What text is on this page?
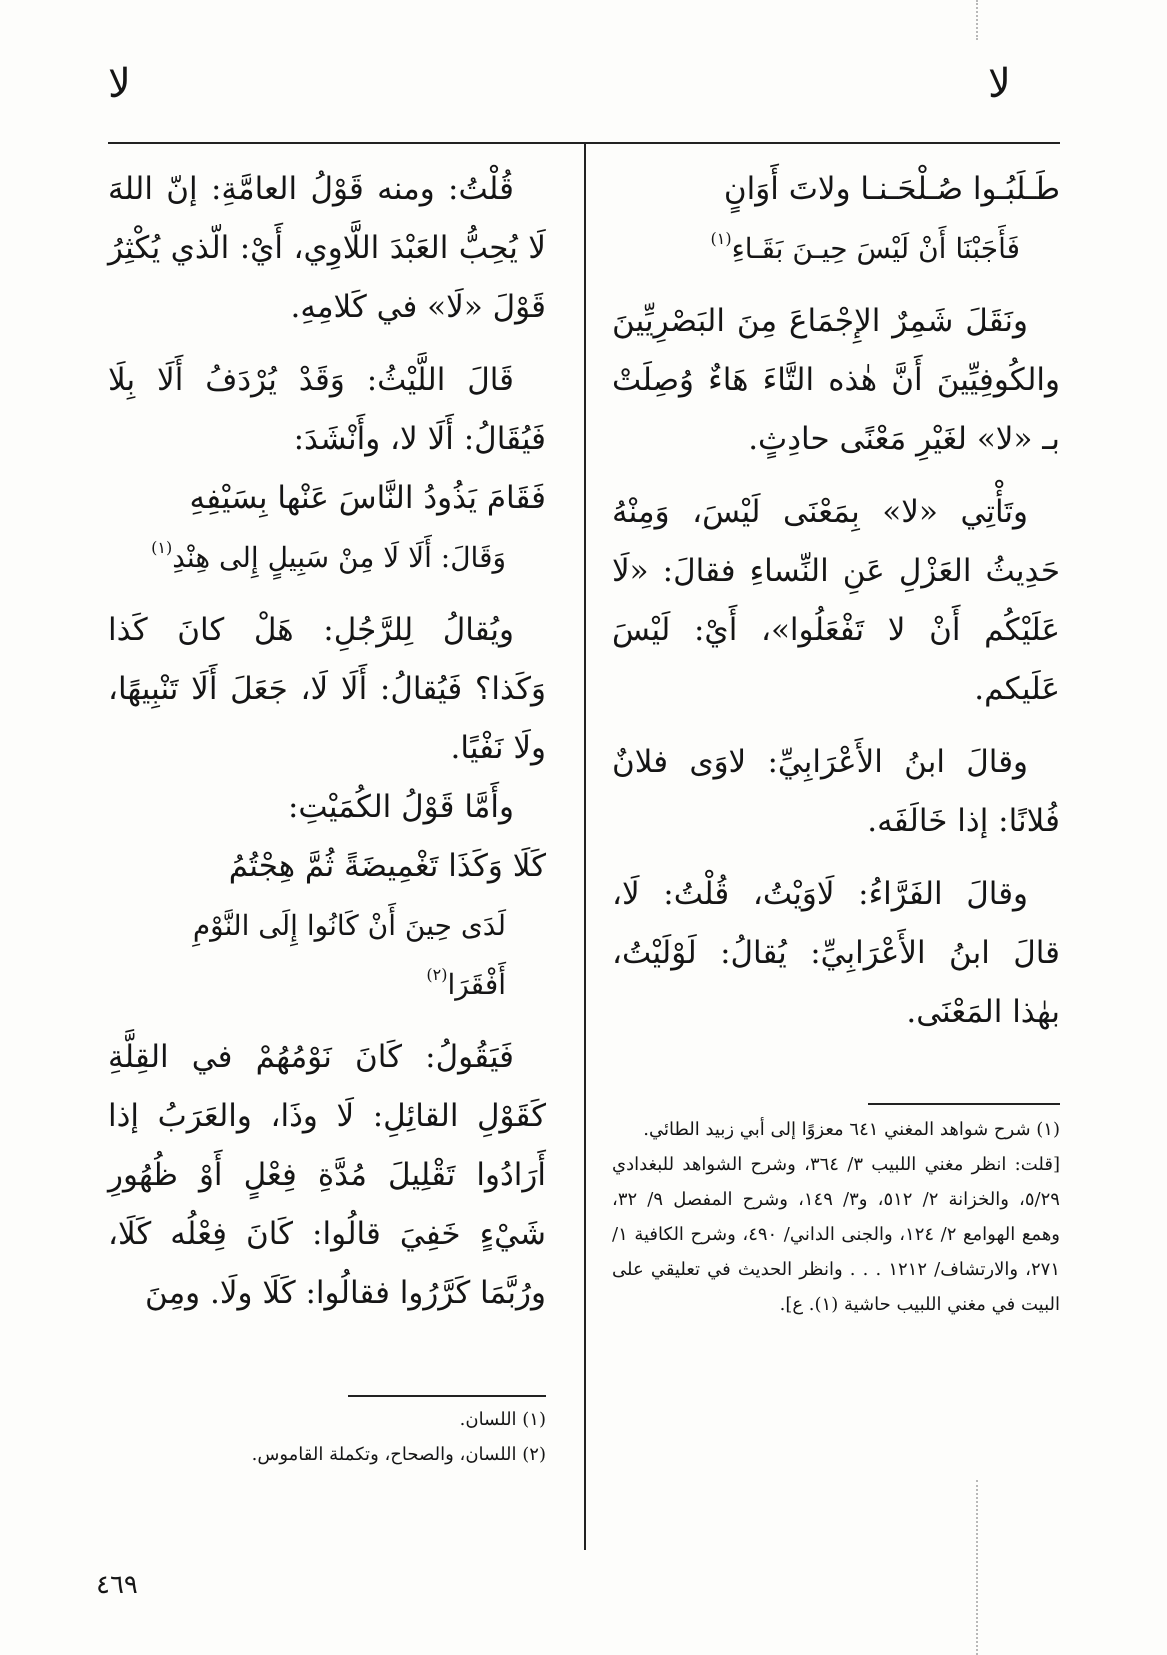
لا
لا

طَـلَبُـوا صُـلْحَـنـا ولاتَ أَوَانٍ

فَأَجَبْنَا أَنْ لَيْسَ حِيـنَ بَقَـاءِ$^{(١)}$

ونَقَلَ شَمِرٌ الإِجْمَاعَ مِنَ البَصْرِيِّينَ والكُوفِيِّينَ أَنَّ هٰذه التَّاءَ هَاءٌ وُصِلَتْ بـ «لا» لغَيْرِ مَعْنًى حادِثٍ.

وتَأْتِي «لا» بِمَعْنَى لَيْسَ، وَمِنْهُ حَدِيثُ العَزْلِ عَنِ النِّساءِ فقالَ: «لَا عَلَيْكُم أَنْ لا تَفْعَلُوا»، أَيْ: لَيْسَ عَلَيكم.

وقالَ ابنُ الأَعْرَابِيِّ: لاوَى فلانٌ فُلانًا: إذا خَالَفَه.

وقالَ الفَرَّاءُ: لَاوَيْتُ، قُلْتُ: لَا، قالَ ابنُ الأَعْرَابِيِّ: يُقالُ: لَوْلَيْتُ، بهٰذا المَعْنَى.

(١) شرح شواهد المغني ٦٤١ معزوًا إلى أبي زبيد الطائي.

[قلت: انظر مغني اللبيب ٣/ ٣٦٤، وشرح الشواهد للبغدادي ٥/٢٩، والخزانة ٢/ ٥١٢، و٣/ ١٤٩، وشرح المفصل ٩/ ٣٢، وهمع الهوامع ٢/ ١٢٤، والجنى الداني/ ٤٩٠، وشرح الكافية ١/ ٢٧١، والارتشاف/ ١٢١٢ . . . وانظر الحديث في تعليقي على البيت في مغني اللبيب حاشية (١). ع].

قُلْتُ: ومنه قَوْلُ العامَّةِ: إنّ اللهَ لَا يُحِبُّ العَبْدَ اللَّاوِي، أَيْ: الّذي يُكْثِرُ قَوْلَ «لَا» في كَلامِهِ.

قَالَ اللَّيْثُ: وَقَدْ يُرْدَفُ أَلَا بِلَا فَيُقَالُ: أَلَا لا، وأَنْشَدَ:

فَقَامَ يَذُودُ النَّاسَ عَنْها بِسَيْفِهِ

وَقَالَ: أَلَا لَا مِنْ سَبِيلٍ إِلى هِنْدِ$^{(١)}$

ويُقالُ لِلرَّجُلِ: هَلْ كانَ كَذا وَكَذا؟ فَيُقالُ: أَلَا لَا، جَعَلَ أَلَا تَنْبِيهًا، ولَا نَفْيًا.

وأَمَّا قَوْلُ الكُمَيْتِ:

كَلَا وَكَذَا تَغْمِيضَةً ثُمَّ هِجْتُمُ

لَدَى حِينَ أَنْ كَانُوا إِلَى النَّوْمِ أَفْقَرَا$^{(٢)}$

فَيَقُولُ: كَانَ نَوْمُهُمْ في القِلَّةِ كَقَوْلِ القائِلِ: لَا وذَا، والعَرَبُ إذا أَرَادُوا تَقْلِيلَ مُدَّةِ فِعْلٍ أَوْ ظُهُورِ شَيْءٍ خَفِيَ قالُوا: كَانَ فِعْلُه كَلَا، ورُبَّمَا كَرَّرُوا فقالُوا: كَلَا ولَا. ومِنَ

(١) اللسان.

(٢) اللسان، والصحاح، وتكملة القاموس.

٤٦٩
